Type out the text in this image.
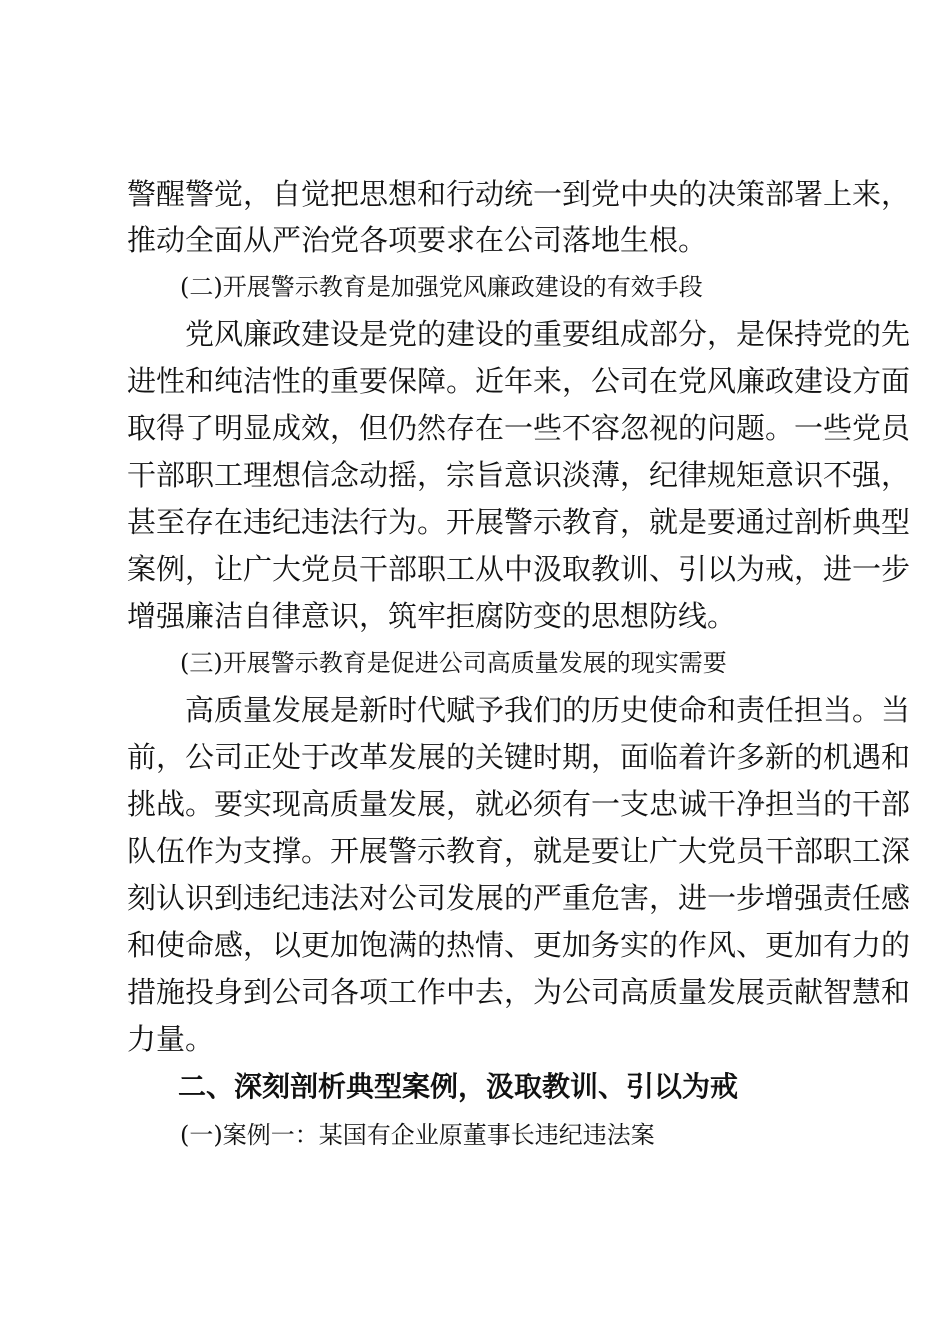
警醒警觉，自觉把思想和行动统一到党中央的决策部署上来，
推动全面从严治党各项要求在公司落地生根。
(二)开展警示教育是加强党风廉政建设的有效手段
党风廉政建设是党的建设的重要组成部分，是保持党的先
进性和纯洁性的重要保障。近年来，公司在党风廉政建设方面
取得了明显成效，但仍然存在一些不容忽视的问题。一些党员
干部职工理想信念动摇，宗旨意识淡薄，纪律规矩意识不强，
甚至存在违纪违法行为。开展警示教育，就是要通过剖析典型
案例，让广大党员干部职工从中汲取教训、引以为戒，进一步
增强廉洁自律意识，筑牢拒腐防变的思想防线。
(三)开展警示教育是促进公司高质量发展的现实需要
高质量发展是新时代赋予我们的历史使命和责任担当。当
前，公司正处于改革发展的关键时期，面临着许多新的机遇和
挑战。要实现高质量发展，就必须有一支忠诚干净担当的干部
队伍作为支撑。开展警示教育，就是要让广大党员干部职工深
刻认识到违纪违法对公司发展的严重危害，进一步增强责任感
和使命感，以更加饱满的热情、更加务实的作风、更加有力的
措施投身到公司各项工作中去，为公司高质量发展贡献智慧和
力量。
二、深刻剖析典型案例，汲取教训、引以为戒
(一)案例一：某国有企业原董事长违纪违法案
